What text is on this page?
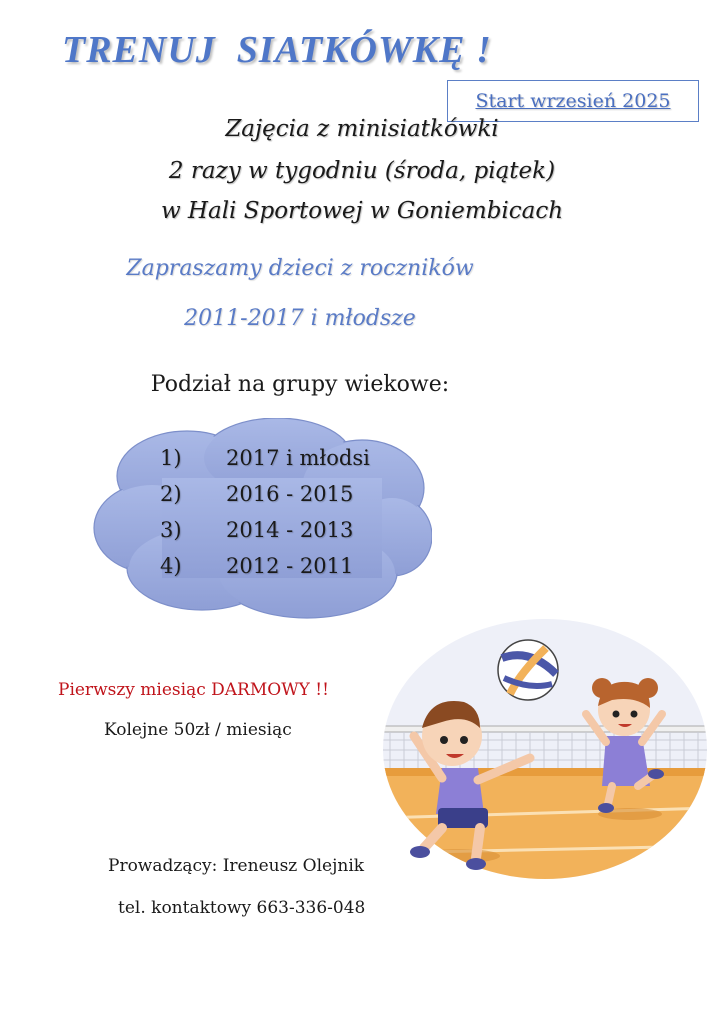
TRENUJ  SIATKÓWKĘ !
Start wrzesień 2025
Zajęcia z minisiatkówki
2 razy w tygodniu (środa, piątek)
w Hali Sportowej w Goniembicach
Zapraszamy dzieci z roczników
2011-2017 i młodsze
Podział na grupy wiekowe:
1) 2017 i młodsi
2) 2016 - 2015
3) 2014 - 2013
4) 2012 - 2011
Pierwszy miesiąc DARMOWY !!
Kolejne 50zł / miesiąc
Prowadzący: Ireneusz Olejnik
tel. kontaktowy 663-336-048
